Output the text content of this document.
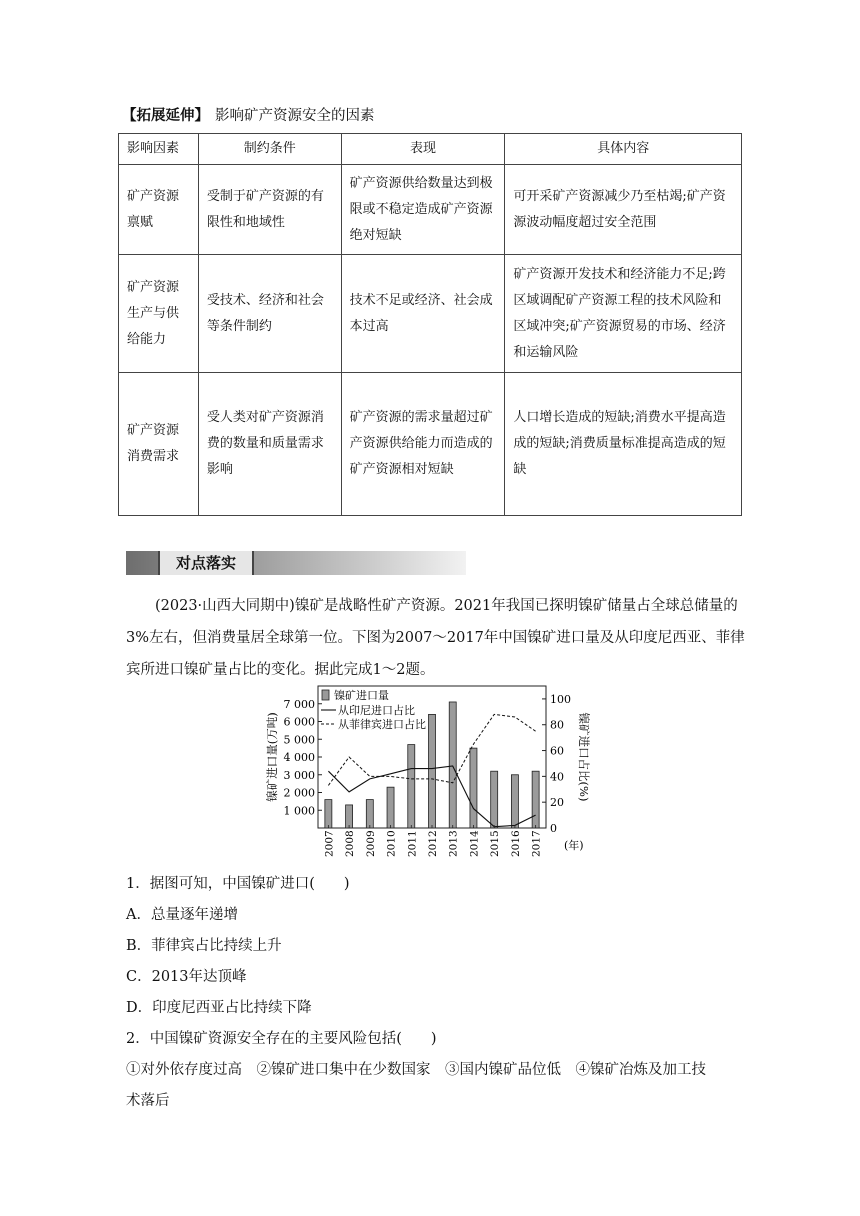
【拓展延伸】 影响矿产资源安全的因素
影响因素	制约条件	表现	具体内容
矿产资源禀赋	受制于矿产资源的有限性和地域性	矿产资源供给数量达到极限或不稳定造成矿产资源绝对短缺	可开采矿产资源减少乃至枯竭;矿产资源波动幅度超过安全范围
矿产资源生产与供给能力	受技术、经济和社会等条件制约	技术不足或经济、社会成本过高	矿产资源开发技术和经济能力不足;跨区域调配矿产资源工程的技术风险和区域冲突;矿产资源贸易的市场、经济和运输风险
矿产资源消费需求	受人类对矿产资源消费的数量和质量需求影响	矿产资源的需求量超过矿产资源供给能力而造成的矿产资源相对短缺	人口增长造成的短缺;消费水平提高造成的短缺;消费质量标准提高造成的短缺
对点落实
(2023·山西大同期中)镍矿是战略性矿产资源。2021年我国已探明镍矿储量占全球总储量的3%左右，但消费量居全球第一位。下图为2007～2017年中国镍矿进口量及从印度尼西亚、菲律宾所进口镍矿量占比的变化。据此完成1～2题。
1 000
2 000
3 000
4 000
5 000
6 000
7 000
0
20
40
60
80
100
2007 2008 2009 2010 2011 2012 2013 2014 2015 2016 2017 (年)
镍矿进口量
从印尼进口占比
从菲律宾进口占比
镍矿进口量(万吨)	镍矿进口占比(%)
1．据图可知，中国镍矿进口(　　)
A．总量逐年递增
B．菲律宾占比持续上升
C．2013年达顶峰
D．印度尼西亚占比持续下降
2．中国镍矿资源安全存在的主要风险包括(　　)
①对外依存度过高　②镍矿进口集中在少数国家　③国内镍矿品位低　④镍矿冶炼及加工技
术落后
